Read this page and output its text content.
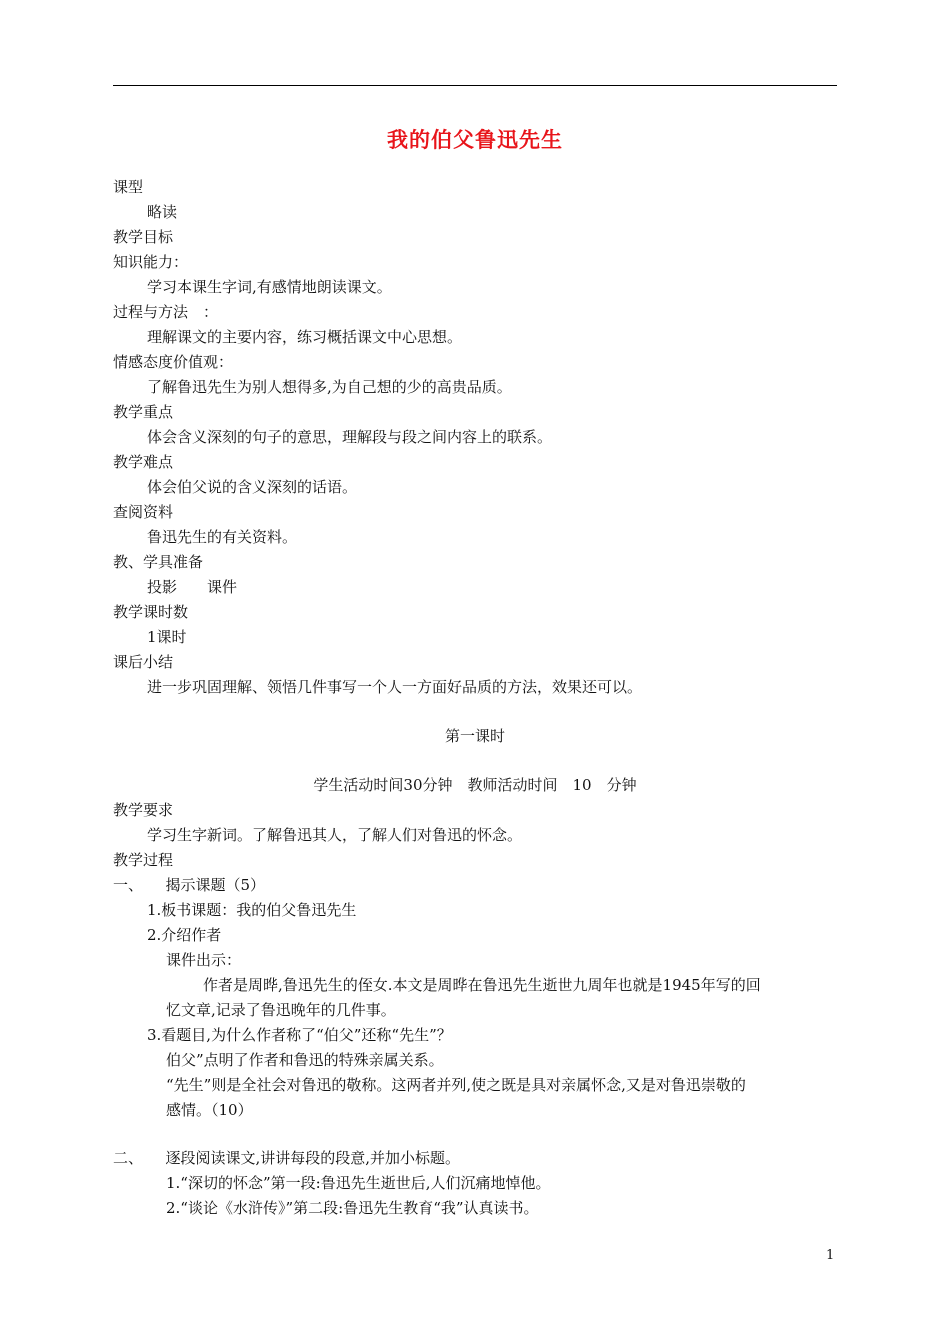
我的伯父鲁迅先生
课型
略读
教学目标
知识能力：
学习本课生字词,有感情地朗读课文。
过程与方法　：
理解课文的主要内容，练习概括课文中心思想。
情感态度价值观：
了解鲁迅先生为别人想得多,为自己想的少的高贵品质。
教学重点
体会含义深刻的句子的意思，理解段与段之间内容上的联系。
教学难点
体会伯父说的含义深刻的话语。
查阅资料
鲁迅先生的有关资料。
教、学具准备
投影　　课件
教学课时数
1课时
课后小结
进一步巩固理解、领悟几件事写一个人一方面好品质的方法，效果还可以。
第一课时
学生活动时间30分钟　教师活动时间　10　分钟
教学要求
学习生字新词。了解鲁迅其人，了解人们对鲁迅的怀念。
教学过程
一、　　揭示课题（5）
1.板书课题：我的伯父鲁迅先生
2.介绍作者
课件出示：
作者是周晔,鲁迅先生的侄女.本文是周晔在鲁迅先生逝世九周年也就是1945年写的回
忆文章,记录了鲁迅晚年的几件事。
3.看题目,为什么作者称了“伯父”还称“先生”？
伯父”点明了作者和鲁迅的特殊亲属关系。
“先生”则是全社会对鲁迅的敬称。这两者并列,使之既是具对亲属怀念,又是对鲁迅崇敬的
感情。（10）
二、　　逐段阅读课文,讲讲每段的段意,并加小标题。
1.“深切的怀念”第一段:鲁迅先生逝世后,人们沉痛地悼他。
2.“谈论《水浒传》”第二段:鲁迅先生教育“我”认真读书。
1
